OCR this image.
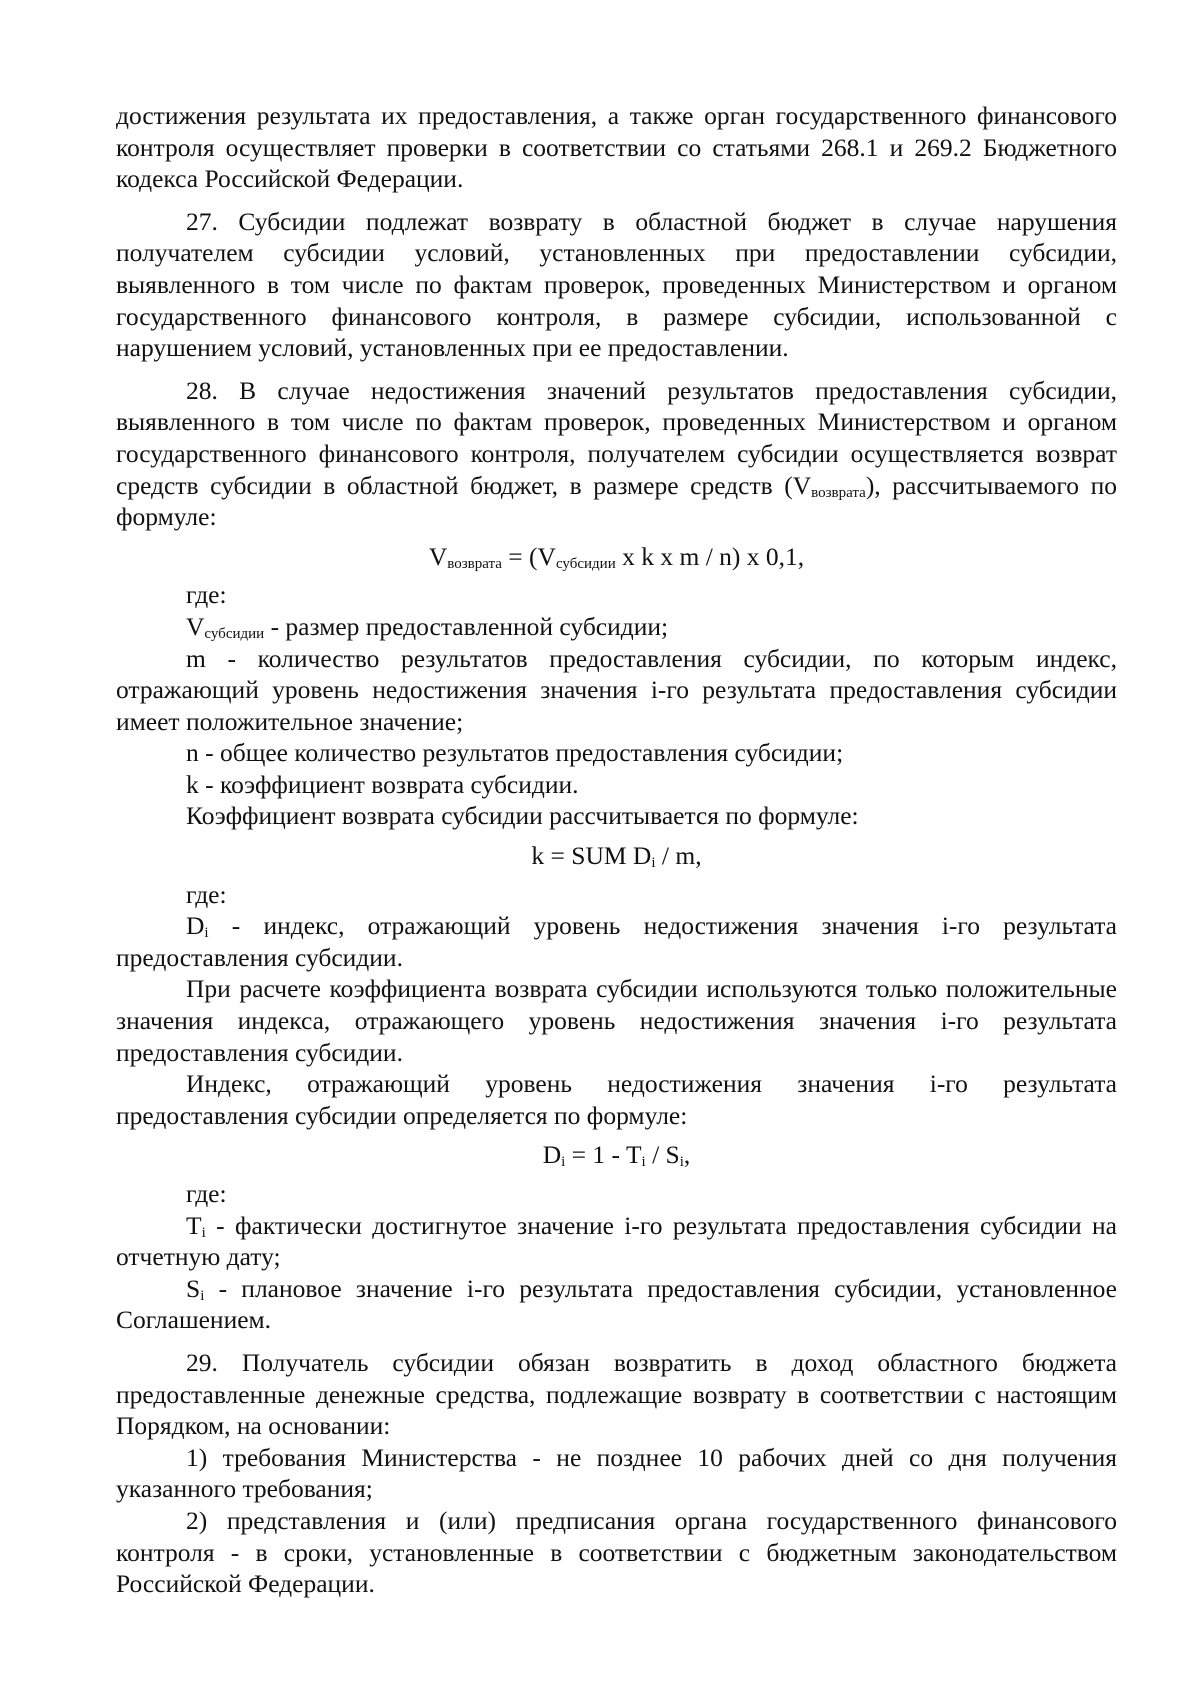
достижения результата их предоставления, а также орган государственного финансового контроля осуществляет проверки в соответствии со статьями 268.1 и 269.2 Бюджетного кодекса Российской Федерации.

27. Субсидии подлежат возврату в областной бюджет в случае нарушения получателем субсидии условий, установленных при предоставлении субсидии, выявленного в том числе по фактам проверок, проведенных Министерством и органом государственного финансового контроля, в размере субсидии, использованной с нарушением условий, установленных при ее предоставлении.

28. В случае недостижения значений результатов предоставления субсидии, выявленного в том числе по фактам проверок, проведенных Министерством и органом государственного финансового контроля, получателем субсидии осуществляется возврат средств субсидии в областной бюджет, в размере средств $(V_{возврата})$, рассчитываемого по формуле:

$V_{возврата} = (V_{субсидии}$ x k x m / n) x 0,1,

где:

$V_{субсидии}$ - размер предоставленной субсидии;

m - количество результатов предоставления субсидии, по которым индекс, отражающий уровень недостижения значения i-го результата предоставления субсидии имеет положительное значение;

n - общее количество результатов предоставления субсидии;

k - коэффициент возврата субсидии.

Коэффициент возврата субсидии рассчитывается по формуле:

k = SUM $D_i$ / m,

где:

$D_i$ - индекс, отражающий уровень недостижения значения i-го результата предоставления субсидии.

При расчете коэффициента возврата субсидии используются только положительные значения индекса, отражающего уровень недостижения значения i-го результата предоставления субсидии.

Индекс, отражающий уровень недостижения значения i-го результата предоставления субсидии определяется по формуле:

$D_i = 1 - T_i / S_i$,

где:

$T_i$ - фактически достигнутое значение i-го результата предоставления субсидии на отчетную дату;

$S_i$ - плановое значение i-го результата предоставления субсидии, установленное Соглашением.

29. Получатель субсидии обязан возвратить в доход областного бюджета предоставленные денежные средства, подлежащие возврату в соответствии с настоящим Порядком, на основании:

1) требования Министерства - не позднее 10 рабочих дней со дня получения указанного требования;

2) представления и (или) предписания органа государственного финансового контроля - в сроки, установленные в соответствии с бюджетным законодательством Российской Федерации.
